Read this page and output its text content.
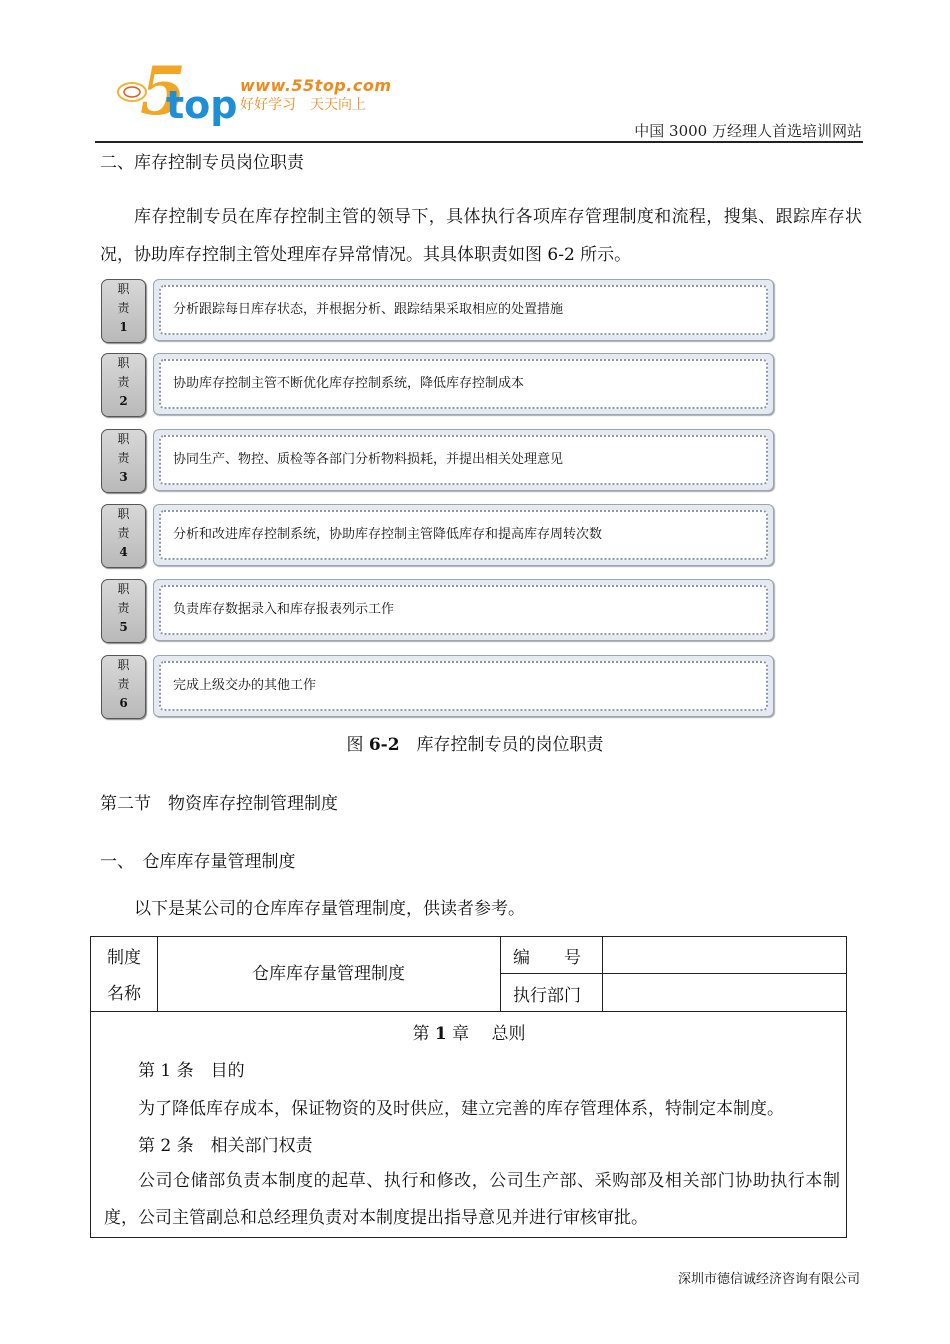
5
top www.55top.com
好好学习　天天向上
中国 3000 万经理人首选培训网站
二、库存控制专员岗位职责
库存控制专员在库存控制主管的领导下，具体执行各项库存管理制度和流程，搜集、跟踪库存状况，协助库存控制主管处理库存异常情况。其具体职责如图 6-2 所示。
职
责
1
分析跟踪每日库存状态，并根据分析、跟踪结果采取相应的处置措施
职
责
2
协助库存控制主管不断优化库存控制系统，降低库存控制成本
职
责
3
协同生产、物控、质检等各部门分析物料损耗，并提出相关处理意见
职
责
4
分析和改进库存控制系统，协助库存控制主管降低库存和提高库存周转次数
职
责
5
负责库存数据录入和库存报表列示工作
职
责
6
完成上级交办的其他工作
图 6-2　库存控制专员的岗位职责
第二节　物资库存控制管理制度
一、　仓库库存量管理制度
以下是某公司的仓库库存量管理制度，供读者参考。
制度
名称
仓库库存量管理制度
编　　号
执行部门
第 1 章　 总则
第 1 条　目的
为了降低库存成本，保证物资的及时供应，建立完善的库存管理体系，特制定本制度。
第 2 条　相关部门权责
公司仓储部负责本制度的起草、执行和修改，公司生产部、采购部及相关部门协助执行本制度，公司主管副总和总经理负责对本制度提出指导意见并进行审核审批。
深圳市德信诚经济咨询有限公司
